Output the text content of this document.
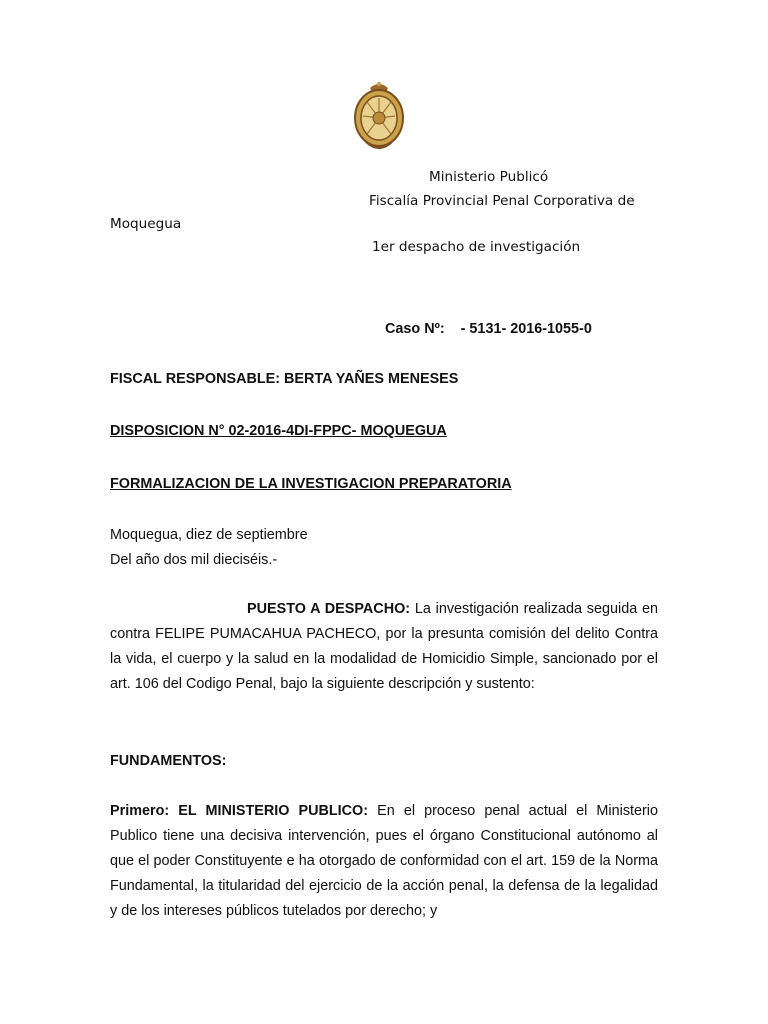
Ministerio Publicó
Fiscalía Provincial Penal Corporativa de
Moquegua
1er despacho de investigación
Caso Nº: - 5131- 2016-1055-0
FISCAL RESPONSABLE: BERTA YAÑES MENESES
DISPOSICION N° 02-2016-4DI-FPPC- MOQUEGUA
FORMALIZACION DE LA INVESTIGACION PREPARATORIA
Moquegua, diez de septiembre
Del año dos mil dieciséis.-

PUESTO A DESPACHO: La investigación realizada seguida en contra FELIPE PUMACAHUA PACHECO, por la presunta comisión del delito Contra la vida, el cuerpo y la salud en la modalidad de Homicidio Simple, sancionado por el art. 106 del Codigo Penal, bajo la siguiente descripción y sustento:

FUNDAMENTOS:

Primero: EL MINISTERIO PUBLICO: En el proceso penal actual el Ministerio Publico tiene una decisiva intervención, pues el órgano Constitucional autónomo al que el poder Constituyente e ha otorgado de conformidad con el art. 159 de la Norma Fundamental, la titularidad del ejercicio de la acción penal, la defensa de la legalidad y de los intereses públicos tutelados por derecho; y
